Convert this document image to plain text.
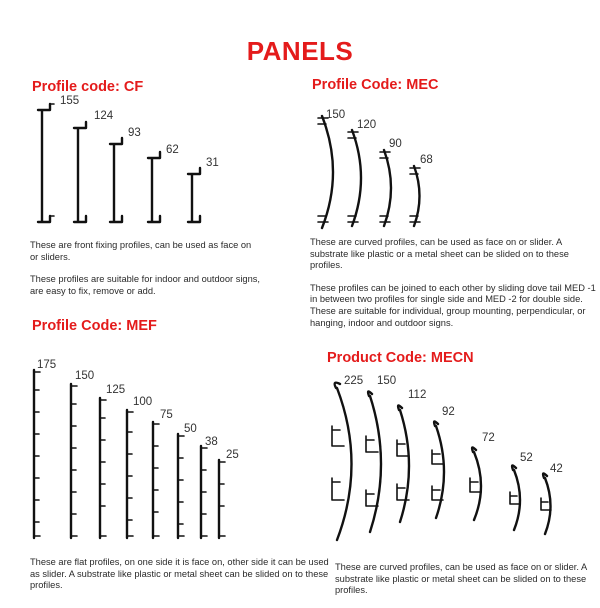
PANELS
Profile code: CF

These are front fixing profiles, can be used as face on or sliders.

These profiles are suitable for indoor and outdoor signs, are easy to fix, remove or add.

Profile Code: MEC

These are curved profiles, can be used as face on or slider. A substrate like plastic or a metal sheet can be slided on to these profiles.

These profiles can be joined to each other by sliding dove tail MED -1 in between two profiles for single side and MED -2 for double side. These are suitable for individual, group mounting, perpendicular, or hanging, indoor and outdoor signs.

Profile Code: MEF

These are flat profiles, on one side it is face on, other side it can be used as slider. A substrate like plastic or metal sheet can be slided on to these profiles.

Product Code: MECN

These are curved profiles, can be used as face on or slider. A substrate like plastic or metal sheet can be slided on to these profiles.

155
124
93
62
31
150
120
90
68
175
150
125
100
75
50
38
25
225 150
112
92
72
52
42
